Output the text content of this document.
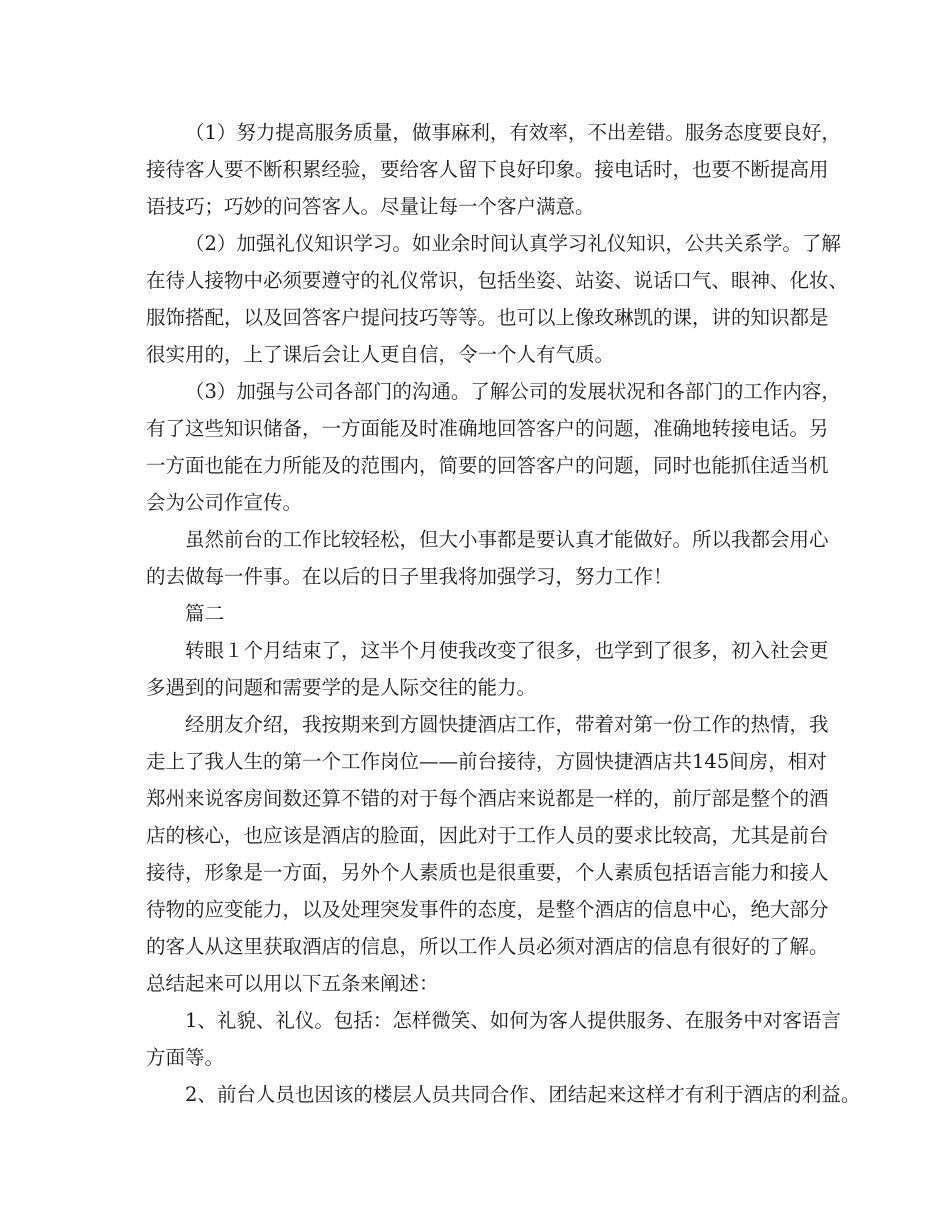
（1）努力提高服务质量，做事麻利，有效率，不出差错。服务态度要良好，
接待客人要不断积累经验，要给客人留下良好印象。接电话时，也要不断提高用
语技巧；巧妙的问答客人。尽量让每一个客户满意。
（2）加强礼仪知识学习。如业余时间认真学习礼仪知识，公共关系学。了解
在待人接物中必须要遵守的礼仪常识，包括坐姿、站姿、说话口气、眼神、化妆、
服饰搭配，以及回答客户提问技巧等等。也可以上像玫琳凯的课，讲的知识都是
很实用的，上了课后会让人更自信，令一个人有气质。
（3）加强与公司各部门的沟通。了解公司的发展状况和各部门的工作内容，
有了这些知识储备，一方面能及时准确地回答客户的问题，准确地转接电话。另
一方面也能在力所能及的范围内，简要的回答客户的问题，同时也能抓住适当机
会为公司作宣传。
虽然前台的工作比较轻松，但大小事都是要认真才能做好。所以我都会用心
的去做每一件事。在以后的日子里我将加强学习，努力工作！
篇二
转眼１个月结束了，这半个月使我改变了很多，也学到了很多，初入社会更
多遇到的问题和需要学的是人际交往的能力。
经朋友介绍，我按期来到方圆快捷酒店工作，带着对第一份工作的热情，我
走上了我人生的第一个工作岗位——前台接待，方圆快捷酒店共145间房，相对
郑州来说客房间数还算不错的对于每个酒店来说都是一样的，前厅部是整个的酒
店的核心，也应该是酒店的脸面，因此对于工作人员的要求比较高，尤其是前台
接待，形象是一方面，另外个人素质也是很重要，个人素质包括语言能力和接人
待物的应变能力，以及处理突发事件的态度，是整个酒店的信息中心，绝大部分
的客人从这里获取酒店的信息，所以工作人员必须对酒店的信息有很好的了解。
总结起来可以用以下五条来阐述：
1、礼貌、礼仪。包括：怎样微笑、如何为客人提供服务、在服务中对客语言
方面等。
2、前台人员也因该的楼层人员共同合作、团结起来这样才有利于酒店的利益。
